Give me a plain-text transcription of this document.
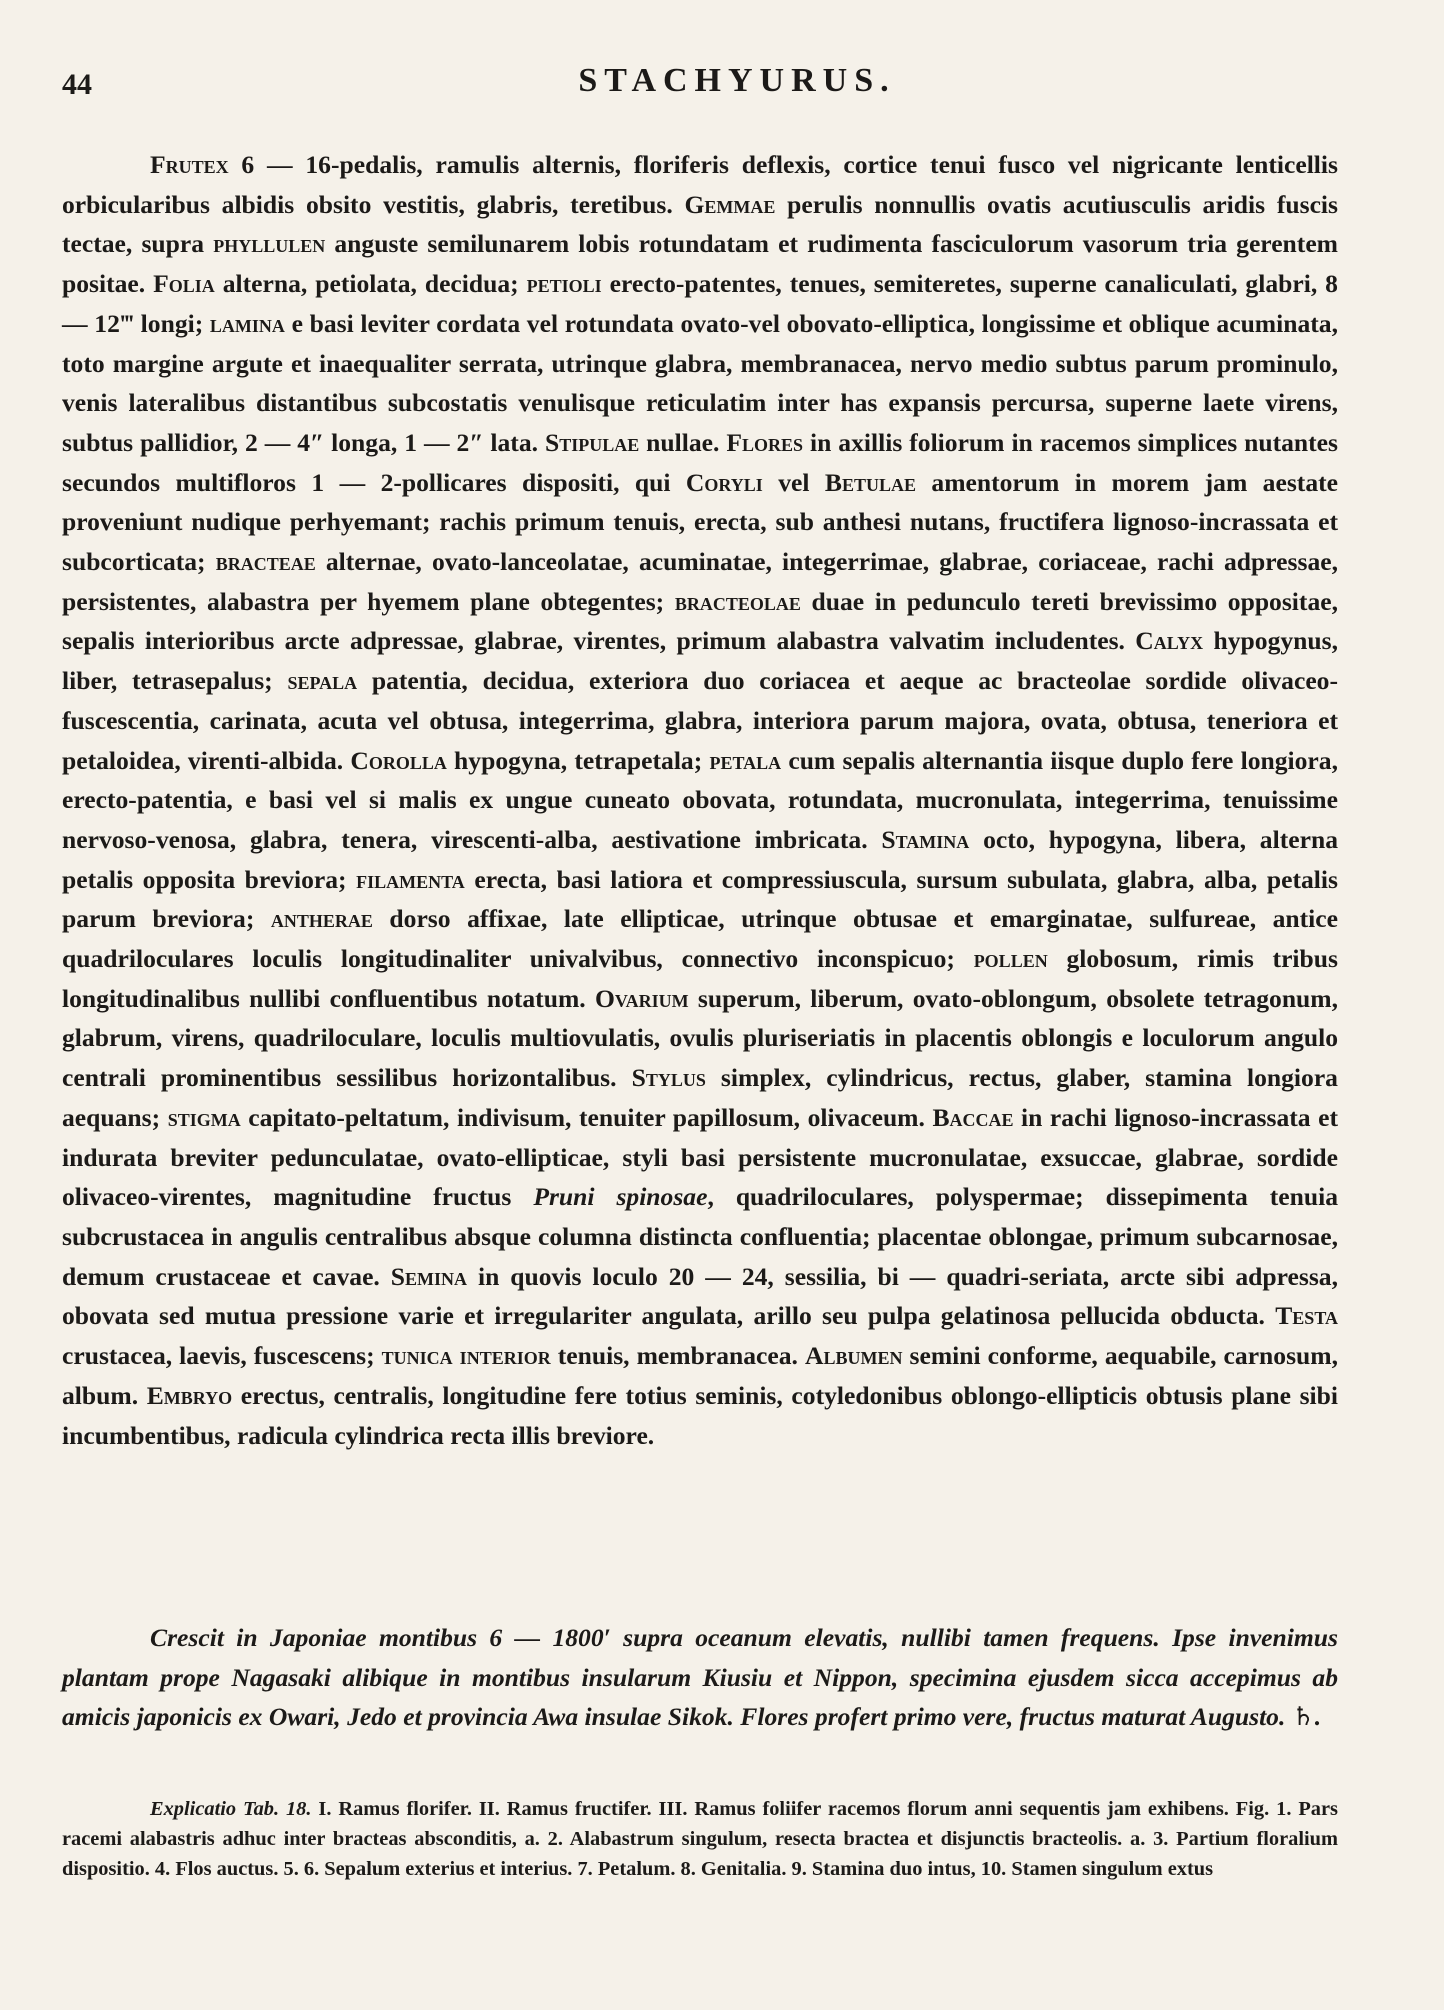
44	STACHYURUS.

Frutex 6 — 16-pedalis, ramulis alternis, floriferis deflexis, cortice tenui fusco vel nigricante lenticellis orbicularibus albidis obsito vestitis, glabris, teretibus. Gemmae perulis nonnullis ovatis acutiusculis aridis fuscis tectae, supra phyllulen anguste semilunarem lobis rotundatam et rudimenta fasciculorum vasorum tria gerentem positae. Folia alterna, petiolata, decidua; petioli erecto-patentes, tenues, semiteretes, superne canaliculati, glabri, 8 — 12‴ longi; lamina e basi leviter cordata vel rotundata ovato-vel obovato-elliptica, longissime et oblique acuminata, toto margine argute et inaequaliter serrata, utrinque glabra, membranacea, nervo medio subtus parum prominulo, venis lateralibus distantibus subcostatis venulisque reticulatim inter has expansis percursa, superne laete virens, subtus pallidior, 2 — 4″ longa, 1 — 2″ lata. Stipulae nullae. Flores in axillis foliorum in racemos simplices nutantes secundos multifloros 1 — 2-pollicares dispositi, qui Coryli vel Betulae amentorum in morem jam aestate proveniunt nudique perhyemant; rachis primum tenuis, erecta, sub anthesi nutans, fructifera lignoso-incrassata et subcorticata; bracteae alternae, ovato-lanceolatae, acuminatae, integerrimae, glabrae, coriaceae, rachi adpressae, persistentes, alabastra per hyemem plane obtegentes; bracteolae duae in pedunculo tereti brevissimo oppositae, sepalis interioribus arcte adpressae, glabrae, virentes, primum alabastra valvatim includentes. Calyx hypogynus, liber, tetrasepalus; sepala patentia, decidua, exteriora duo coriacea et aeque ac bracteolae sordide olivaceo-fuscescentia, carinata, acuta vel obtusa, integerrima, glabra, interiora parum majora, ovata, obtusa, teneriora et petaloidea, virenti-albida. Corolla hypogyna, tetrapetala; petala cum sepalis alternantia iisque duplo fere longiora, erecto-patentia, e basi vel si malis ex ungue cuneato obovata, rotundata, mucronulata, integerrima, tenuissime nervoso-venosa, glabra, tenera, virescenti-alba, aestivatione imbricata. Stamina octo, hypogyna, libera, alterna petalis opposita breviora; filamenta erecta, basi latiora et compressiuscula, sursum subulata, glabra, alba, petalis parum breviora; antherae dorso affixae, late ellipticae, utrinque obtusae et emarginatae, sulfureae, antice quadriloculares loculis longitudinaliter univalvibus, connectivo inconspicuo; pollen globosum, rimis tribus longitudinalibus nullibi confluentibus notatum. Ovarium superum, liberum, ovato-oblongum, obsolete tetragonum, glabrum, virens, quadriloculare, loculis multiovulatis, ovulis pluriseriatis in placentis oblongis e loculorum angulo centrali prominentibus sessilibus horizontalibus. Stylus simplex, cylindricus, rectus, glaber, stamina longiora aequans; stigma capitato-peltatum, indivisum, tenuiter papillosum, olivaceum. Baccae in rachi lignoso-incrassata et indurata breviter pedunculatae, ovato-ellipticae, styli basi persistente mucronulatae, exsuccae, glabrae, sordide olivaceo-virentes, magnitudine fructus Pruni spinosae, quadriloculares, polyspermae; dissepimenta tenuia subcrustacea in angulis centralibus absque columna distincta confluentia; placentae oblongae, primum subcarnosae, demum crustaceae et cavae. Semina in quovis loculo 20 — 24, sessilia, bi — quadri-seriata, arcte sibi adpressa, obovata sed mutua pressione varie et irregulariter angulata, arillo seu pulpa gelatinosa pellucida obducta. Testa crustacea, laevis, fuscescens; tunica interior tenuis, membranacea. Albumen semini conforme, aequabile, carnosum, album. Embryo erectus, centralis, longitudine fere totius seminis, cotyledonibus oblongo-ellipticis obtusis plane sibi incumbentibus, radicula cylindrica recta illis breviore.

Crescit in Japoniae montibus 6 — 1800′ supra oceanum elevatis, nullibi tamen frequens. Ipse invenimus plantam prope Nagasaki alibique in montibus insularum Kiusiu et Nippon, specimina ejusdem sicca accepimus ab amicis japonicis ex Owari, Jedo et provincia Awa insulae Sikok. Flores profert primo vere, fructus maturat Augusto. ♄.

Explicatio Tab. 18. I. Ramus florifer. II. Ramus fructifer. III. Ramus foliifer racemos florum anni sequentis jam exhibens. Fig. 1. Pars racemi alabastris adhuc inter bracteas absconditis, a. 2. Alabastrum singulum, resecta bractea et disjunctis bracteolis. a. 3. Partium floralium dispositio. 4. Flos auctus. 5. 6. Sepalum exterius et interius. 7. Petalum. 8. Genitalia. 9. Stamina duo intus, 10. Stamen singulum extus
